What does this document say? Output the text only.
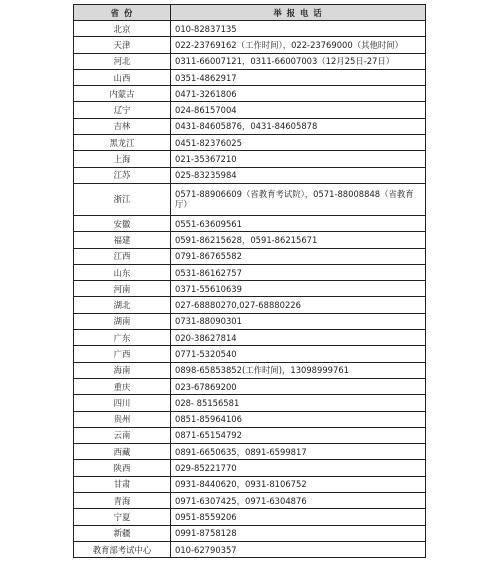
省 份	举 报 电 话
北京	010-82837135
天津	022-23769162（工作时间），022-23769000（其他时间）
河北	0311-66007121，0311-66007003（12月25日-27日）
山西	0351-4862917
内蒙古	0471-3261806
辽宁	024-86157004
吉林	0431-84605876，0431-84605878
黑龙江	0451-82376025
上海	021-35367210
江苏	025-83235984
浙江	0571-88906609（省教育考试院），0571-88008848（省教育厅）
安徽	0551-63609561
福建	0591-86215628，0591-86215671
江西	0791-86765582
山东	0531-86162757
河南	0371-55610639
湖北	027-68880270,027-68880226
湖南	0731-88090301
广东	020-38627814
广西	0771-5320540
海南	0898-65853852(工作时间)，13098999761
重庆	023-67869200
四川	028- 85156581
贵州	0851-85964106
云南	0871-65154792
西藏	0891-6650635，0891-6599817
陕西	029-85221770
甘肃	0931-8440620，0931-8106752
青海	0971-6307425，0971-6304876
宁夏	0951-8559206
新疆	0991-8758128
教育部考试中心	010-62790357
